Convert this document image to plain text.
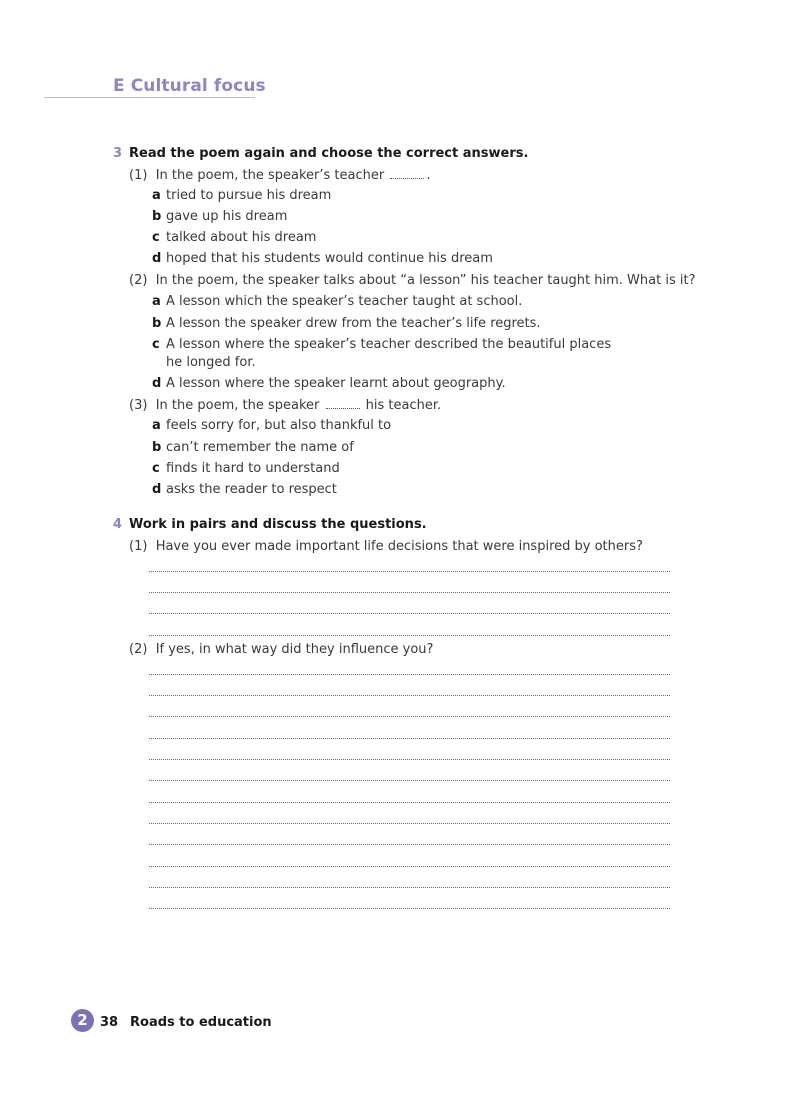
E Cultural focus
3 Read the poem again and choose the correct answers.
(1) In the poem, the speaker’s teacher	.
a tried to pursue his dream
b gave up his dream
c talked about his dream
d hoped that his students would continue his dream
(2) In the poem, the speaker talks about “a lesson” his teacher taught him. What is it?
a A lesson which the speaker’s teacher taught at school.
b A lesson the speaker drew from the teacher’s life regrets.
c A lesson where the speaker’s teacher described the beautiful places
he longed for.
d A lesson where the speaker learnt about geography.
(3) In the poem, the speaker	his teacher.
a feels sorry for, but also thankful to
b can’t remember the name of
c finds it hard to understand
d asks the reader to respect
4 Work in pairs and discuss the questions.
(1) Have you ever made important life decisions that were inspired by others?
(2) If yes, in what way did they influence you?
2 38 Roads to education
